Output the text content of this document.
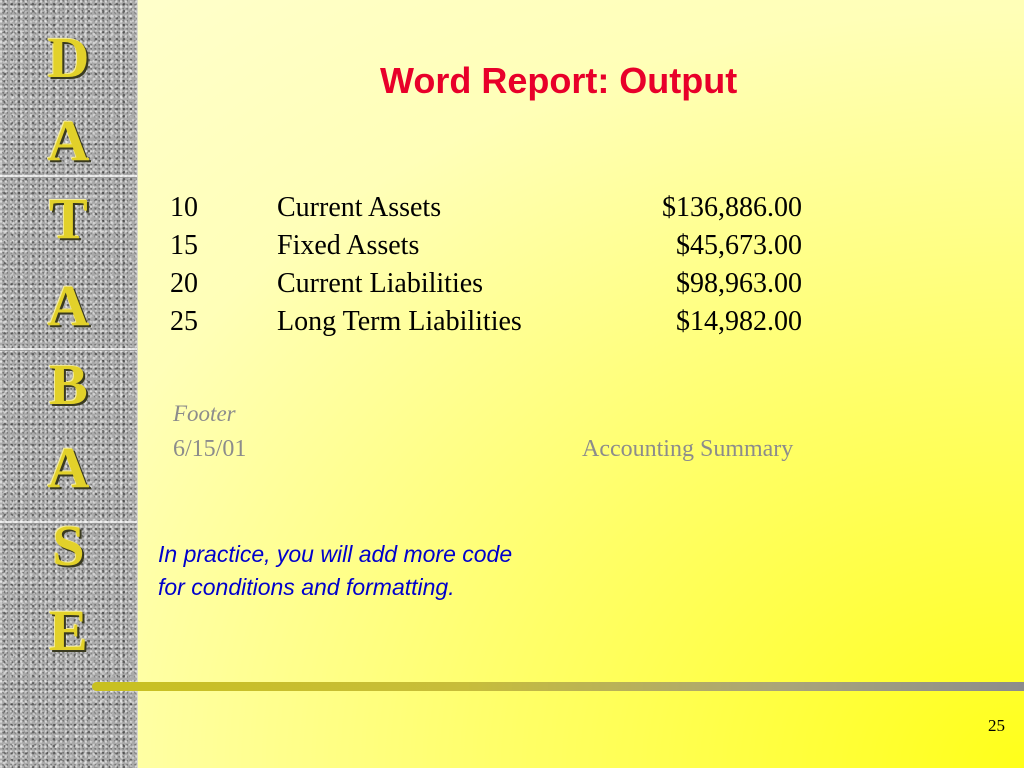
D
A
T
A
B
A
S
E
Word Report: Output
10	Current Assets	$136,886.00
15	Fixed Assets	$45,673.00
20	Current Liabilities	$98,963.00
25	Long Term Liabilities	$14,982.00
Footer
6/15/01	Accounting Summary
In practice, you will add more code
for conditions and formatting.
25
